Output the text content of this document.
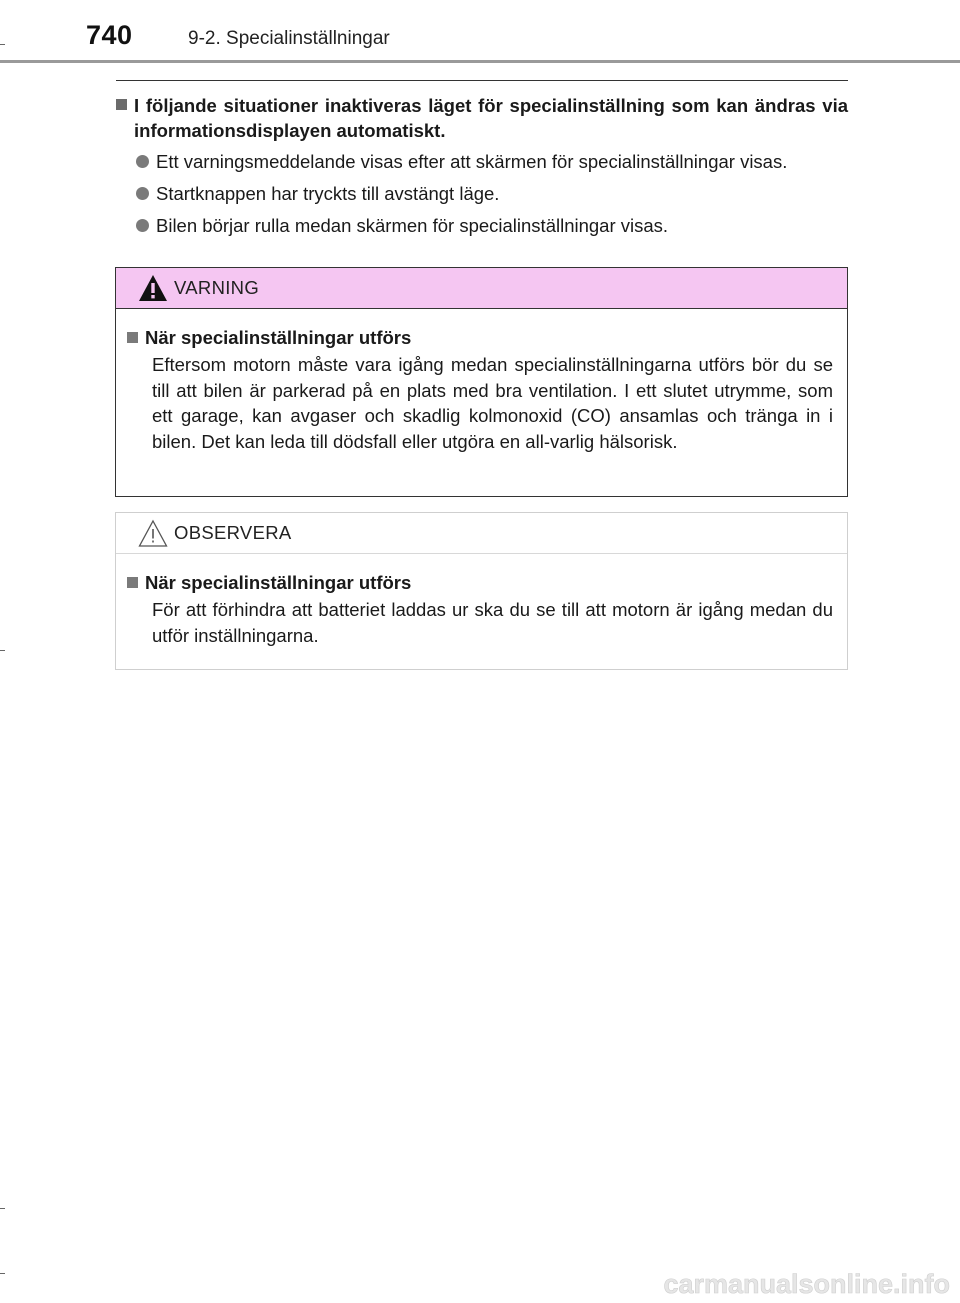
740	9-2. Specialinställningar
I följande situationer inaktiveras läget för specialinställning som kan ändras via informationsdisplayen automatiskt.
Ett varningsmeddelande visas efter att skärmen för specialinställningar visas.
Startknappen har tryckts till avstängt läge.
Bilen börjar rulla medan skärmen för specialinställningar visas.
VARNING
När specialinställningar utförs
Eftersom motorn måste vara igång medan specialinställningarna utförs bör du se till att bilen är parkerad på en plats med bra ventilation. I ett slutet utrymme, som ett garage, kan avgaser och skadlig kolmonoxid (CO) ansamlas och tränga in i bilen. Det kan leda till dödsfall eller utgöra en all-varlig hälsorisk.
OBSERVERA
När specialinställningar utförs
För att förhindra att batteriet laddas ur ska du se till att motorn är igång medan du utför inställningarna.
carmanualsonline.info
